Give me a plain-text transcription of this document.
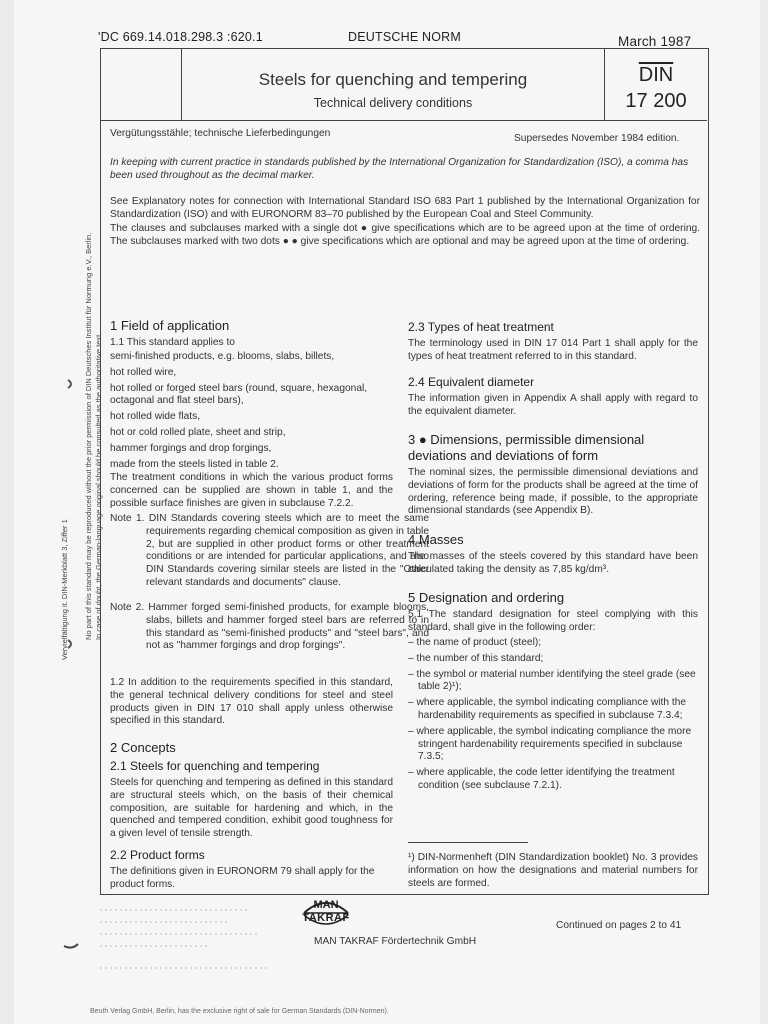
'DC 669.14.018.298.3 :620.1	DEUTSCHE NORM	March 1987
Steels for quenching and tempering
Technical delivery conditions
$\overline{DIN}$
17 200
Vergütungsstähle; technische Lieferbedingungen	Supersedes November 1984 edition.
In keeping with current practice in standards published by the International Organization for Standardization (ISO), a comma has been used throughout as the decimal marker.
See Explanatory notes for connection with International Standard ISO 683 Part 1 published by the International Organization for Standardization (ISO) and with EURONORM 83–70 published by the European Coal and Steel Community.
The clauses and subclauses marked with a single dot ● give specifications which are to be agreed upon at the time of ordering. The subclauses marked with two dots ● ● give specifications which are optional and may be agreed upon at the time of ordering.
1 Field of application
1.1 This standard applies to
semi-finished products, e.g. blooms, slabs, billets,
hot rolled wire,
hot rolled or forged steel bars (round, square, hexagonal, octagonal and flat steel bars),
hot rolled wide flats,
hot or cold rolled plate, sheet and strip,
hammer forgings and drop forgings,
made from the steels listed in table 2.
The treatment conditions in which the various product forms concerned can be supplied are shown in table 1, and the possible surface finishes are given in subclause 7.2.2.
Note 1. DIN Standards covering steels which are to meet the same requirements regarding chemical composition as given in table 2, but are supplied in other product forms or other treatment conditions or are intended for particular applications, and also DIN Standards covering similar steels are listed in the "Other relevant standards and documents" clause.
Note 2. Hammer forged semi-finished products, for example blooms, slabs, billets and hammer forged steel bars are referred to in this standard as "semi-finished products" and "steel bars", and not as "hammer forgings and drop forgings".
1.2 In addition to the requirements specified in this standard, the general technical delivery conditions for steel and steel products given in DIN 17 010 shall apply unless otherwise specified in this standard.
2 Concepts
2.1 Steels for quenching and tempering
Steels for quenching and tempering as defined in this standard are structural steels which, on the basis of their chemical composition, are suitable for hardening and which, in the quenched and tempered condition, exhibit good toughness for a given level of tensile strength.
2.2 Product forms
The definitions given in EURONORM 79 shall apply for the product forms.
2.3 Types of heat treatment
The terminology used in DIN 17 014 Part 1 shall apply for the types of heat treatment referred to in this standard.
2.4 Equivalent diameter
The information given in Appendix A shall apply with regard to the equivalent diameter.
3 ● Dimensions, permissible dimensional deviations and deviations of form
The nominal sizes, the permissible dimensional deviations and deviations of form for the products shall be agreed at the time of ordering, reference being made, if possible, to the appropriate dimensional standards (see Appendix B).
4 Masses
The masses of the steels covered by this standard have been calculated taking the density as 7,85 kg/dm³.
5 Designation and ordering
5.1 The standard designation for steel complying with this standard, shall give in the following order:

– the name of product (steel);

– the number of this standard;

– the symbol or material number identifying the steel grade (see table 2)¹);

– where applicable, the symbol indicating compliance with the hardenability requirements as specified in subclause 7.3.4;

– where applicable, the symbol indicating compliance the more stringent hardenability requirements specified in subclause 7.3.5;

– where applicable, the code letter identifying the treatment condition (see subclause 7.2.1).

¹) DIN-Normenheft (DIN Standardization booklet) No. 3 provides information on how the designations and material numbers for steels are formed.
MAN
TAKRAF
MAN TAKRAF Fördertechnik GmbH
Continued on pages 2 to 41
Beuth Verlag GmbH, Berlin, has the exclusive right of sale for German Standards (DIN-Normen).
No part of this standard may be reproduced without the prior permission of DIN Deutsches Institut für Normung e.V., Berlin. In case of doubt, the German-language original should be consulted as the authoritative text.
Vervielfältigung it. DIN-Merkblatt 3, Ziffer 1
